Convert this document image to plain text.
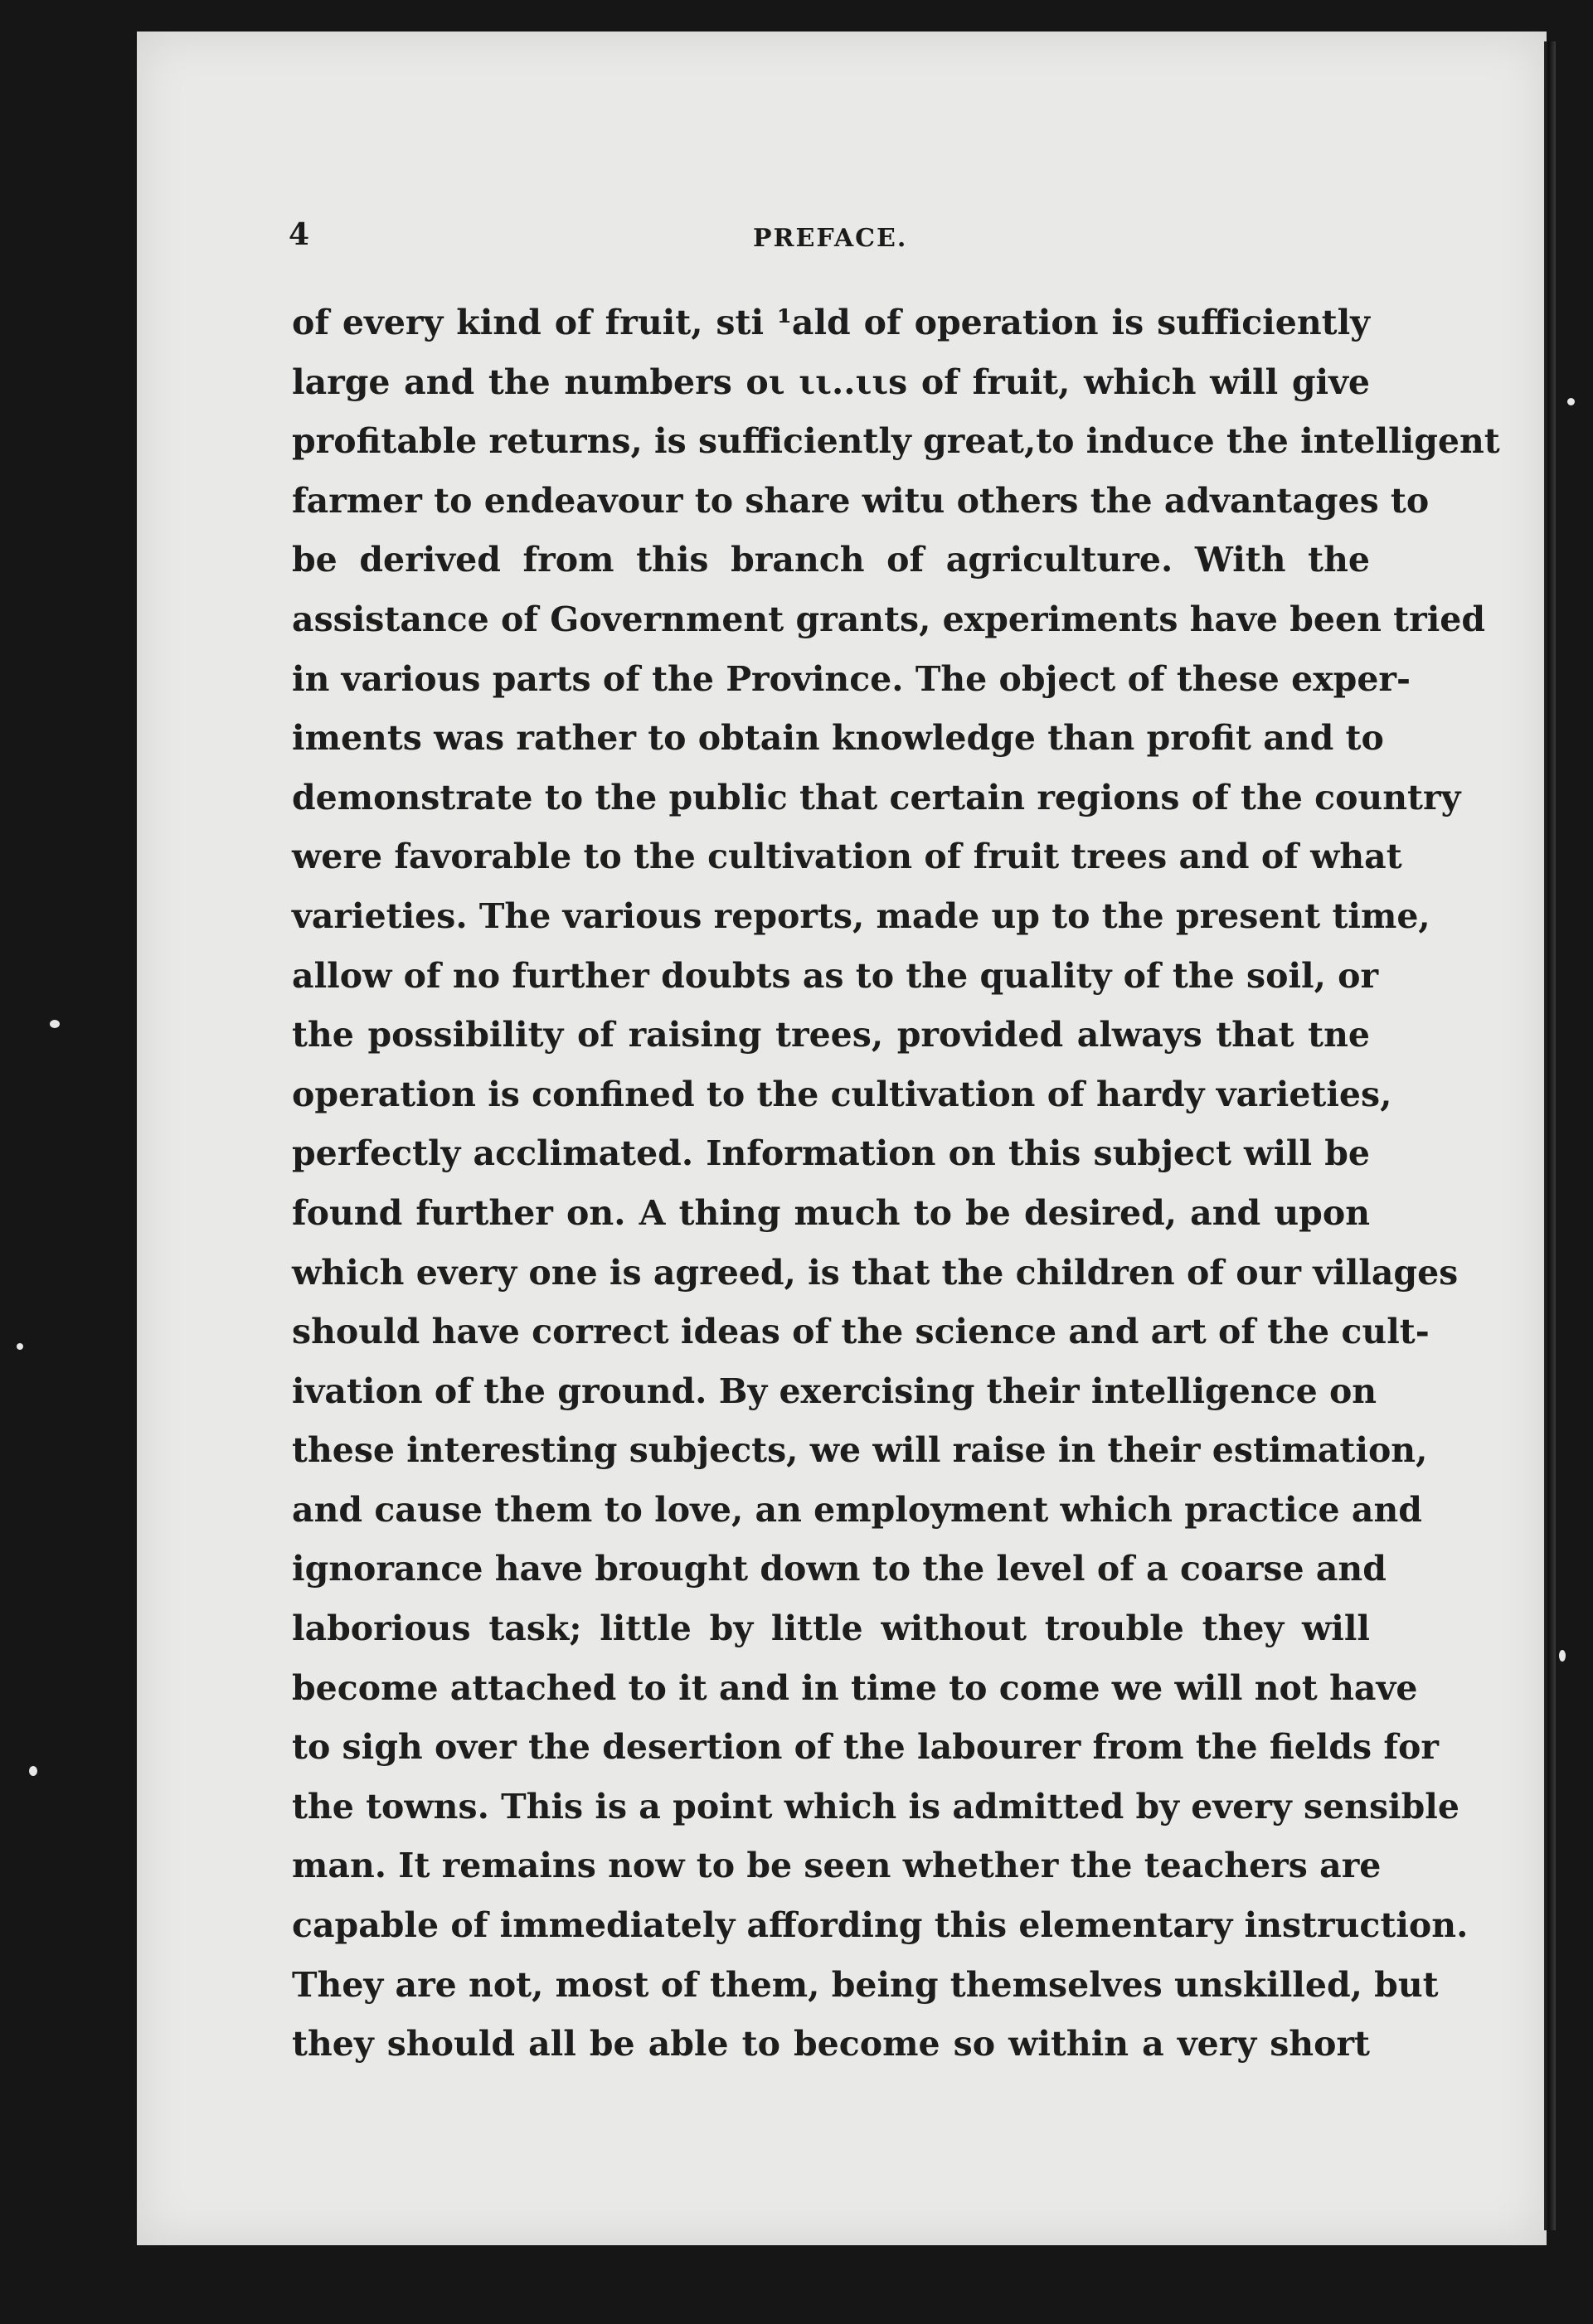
4	PREFACE.
of every kind of fruit, sti ¹ald of operation is sufficiently
large and the numbers oι ιι..ιιs of fruit, which will give
profitable returns, is sufficiently great,to induce the intelligent
farmer to endeavour to share witu others the advantages to
be derived from this branch of agriculture. With the
assistance of Government grants, experiments have been tried
in various parts of the Province. The object of these exper-
iments was rather to obtain knowledge than profit and to
demonstrate to the public that certain regions of the country
were favorable to the cultivation of fruit trees and of what
varieties. The various reports, made up to the present time,
allow of no further doubts as to the quality of the soil, or
the possibility of raising trees, provided always that tne
operation is confined to the cultivation of hardy varieties,
perfectly acclimated. Information on this subject will be
found further on. A thing much to be desired, and upon
which every one is agreed, is that the children of our villages
should have correct ideas of the science and art of the cult-
ivation of the ground. By exercising their intelligence on
these interesting subjects, we will raise in their estimation,
and cause them to love, an employment which practice and
ignorance have brought down to the level of a coarse and
laborious task; little by little without trouble they will
become attached to it and in time to come we will not have
to sigh over the desertion of the labourer from the fields for
the towns. This is a point which is admitted by every sensible
man. It remains now to be seen whether the teachers are
capable of immediately affording this elementary instruction.
They are not, most of them, being themselves unskilled, but
they should all be able to become so within a very short
